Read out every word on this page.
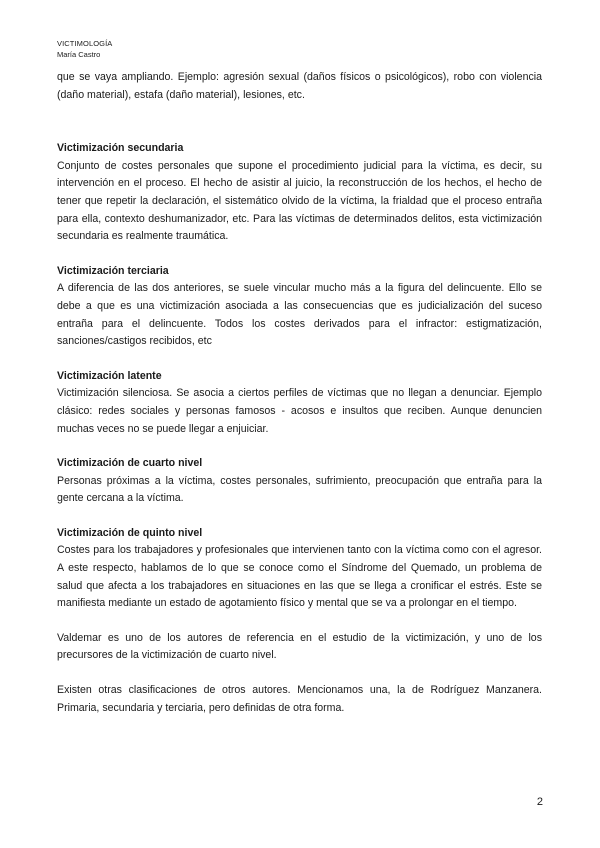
VICTIMOLOGÍA
María Castro

que se vaya ampliando. Ejemplo: agresión sexual (daños físicos o psicológicos), robo con violencia (daño material), estafa (daño material), lesiones, etc.

Victimización secundaria

Conjunto de costes personales que supone el procedimiento judicial para la víctima, es decir, su intervención en el proceso. El hecho de asistir al juicio, la reconstrucción de los hechos, el hecho de tener que repetir la declaración, el sistemático olvido de la víctima, la frialdad que el proceso entraña para ella, contexto deshumanizador, etc. Para las víctimas de determinados delitos, esta victimización secundaria es realmente traumática.

Victimización terciaria

A diferencia de las dos anteriores, se suele vincular mucho más a la figura del delincuente. Ello se debe a que es una victimización asociada a las consecuencias que es judicialización del suceso entraña para el delincuente. Todos los costes derivados para el infractor: estigmatización, sanciones/castigos recibidos, etc

Victimización latente

Victimización silenciosa. Se asocia a ciertos perfiles de víctimas que no llegan a denunciar. Ejemplo clásico: redes sociales y personas famosos - acosos e insultos que reciben. Aunque denuncien muchas veces no se puede llegar a enjuiciar.

Victimización de cuarto nivel

Personas próximas a la víctima, costes personales, sufrimiento, preocupación que entraña para la gente cercana a la víctima.

Victimización de quinto nivel

Costes para los trabajadores y profesionales que intervienen tanto con la víctima como con el agresor. A este respecto, hablamos de lo que se conoce como el Síndrome del Quemado, un problema de salud que afecta a los trabajadores en situaciones en las que se llega a cronificar el estrés. Este se manifiesta mediante un estado de agotamiento físico y mental que se va a prolongar en el tiempo.

Valdemar es uno de los autores de referencia en el estudio de la victimización, y uno de los precursores de la victimización de cuarto nivel.

Existen otras clasificaciones de otros autores. Mencionamos una, la de Rodríguez Manzanera. Primaria, secundaria y terciaria, pero definidas de otra forma.

2
